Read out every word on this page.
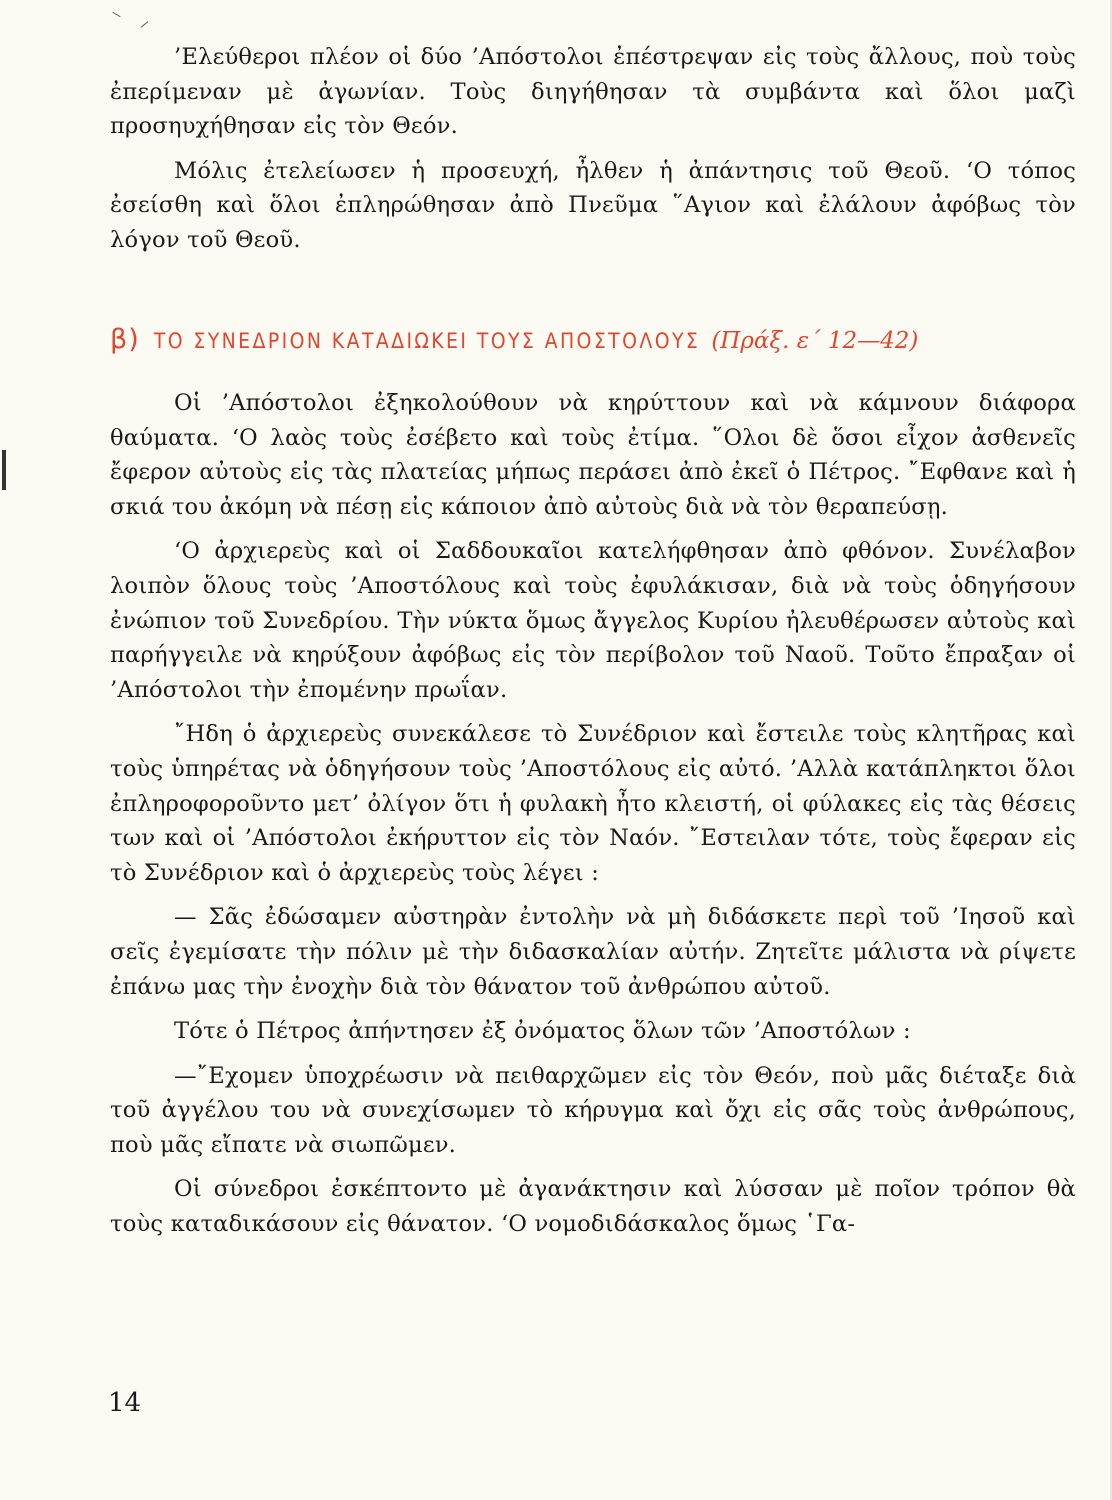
’Ελεύθεροι πλέον οἱ δύο ’Απόστολοι ἐπέστρεψαν εἰς τοὺς ἄλλους, ποὺ τοὺς ἐπερίμεναν μὲ ἀγωνίαν. Τοὺς διηγήθησαν τὰ συμβάντα καὶ ὅλοι μαζὶ προσηυχήθησαν εἰς τὸν Θεόν.

Μόλις ἐτελείωσεν ἡ προσευχή, ἦλθεν ἡ ἀπάντησις τοῦ Θεοῦ. ‘Ο τόπος ἐσείσθη καὶ ὅλοι ἐπληρώθησαν ἀπὸ Πνεῦμα ῞Αγιον καὶ ἐλάλουν ἀφόβως τὸν λόγον τοῦ Θεοῦ.

β) ΤΟ ΣΥΝΕΔΡΙΟΝ ΚΑΤΑΔΙΩΚΕΙ ΤΟΥΣ ΑΠΟΣΤΟΛΟΥΣ (Πράξ. ε΄ 12—42)

Οἱ ’Απόστολοι ἐξηκολούθουν νὰ κηρύττουν καὶ νὰ κάμνουν διάφορα θαύματα. ‘Ο λαὸς τοὺς ἐσέβετο καὶ τοὺς ἐτίμα. ῞Ολοι δὲ ὅσοι εἶχον ἀσθενεῖς ἔφερον αὐτοὺς εἰς τὰς πλατείας μήπως περάσει ἀπὸ ἐκεῖ ὁ Πέτρος. ῎Εφθανε καὶ ἡ σκιά του ἀκόμη νὰ πέσῃ εἰς κάποιον ἀπὸ αὐτοὺς διὰ νὰ τὸν θεραπεύσῃ.

‘Ο ἀρχιερεὺς καὶ οἱ Σαδδουκαῖοι κατελήφθησαν ἀπὸ φθόνον. Συνέλαβον λοιπὸν ὅλους τοὺς ’Αποστόλους καὶ τοὺς ἐφυλάκισαν, διὰ νὰ τοὺς ὁδηγήσουν ἐνώπιον τοῦ Συνεδρίου. Τὴν νύκτα ὅμως ἄγγελος Κυρίου ἠλευθέρωσεν αὐτοὺς καὶ παρήγγειλε νὰ κηρύξουν ἀφόβως εἰς τὸν περίβολον τοῦ Ναοῦ. Τοῦτο ἔπραξαν οἱ ’Απόστολοι τὴν ἐπομένην πρωΐαν.

῎Ηδη ὁ ἀρχιερεὺς συνεκάλεσε τὸ Συνέδριον καὶ ἔστειλε τοὺς κλητῆρας καὶ τοὺς ὑπηρέτας νὰ ὁδηγήσουν τοὺς ’Αποστόλους εἰς αὐτό. ’Αλλὰ κατάπληκτοι ὅλοι ἐπληροφοροῦντο μετ’ ὀλίγον ὅτι ἡ φυλακὴ ἦτο κλειστή, οἱ φύλακες εἰς τὰς θέσεις των καὶ οἱ ’Απόστολοι ἐκήρυττον εἰς τὸν Ναόν. ῎Εστειλαν τότε, τοὺς ἔφεραν εἰς τὸ Συνέδριον καὶ ὁ ἀρχιερεὺς τοὺς λέγει :

— Σᾶς ἐδώσαμεν αὐστηρὰν ἐντολὴν νὰ μὴ διδάσκετε περὶ τοῦ ’Ιησοῦ καὶ σεῖς ἐγεμίσατε τὴν πόλιν μὲ τὴν διδασκαλίαν αὐτήν. Ζητεῖτε μάλιστα νὰ ρίψετε ἐπάνω μας τὴν ἐνοχὴν διὰ τὸν θάνατον τοῦ ἀνθρώπου αὐτοῦ.

Τότε ὁ Πέτρος ἀπήντησεν ἐξ ὀνόματος ὅλων τῶν ’Αποστόλων :

—῎Εχομεν ὑποχρέωσιν νὰ πειθαρχῶμεν εἰς τὸν Θεόν, ποὺ μᾶς διέταξε διὰ τοῦ ἀγγέλου του νὰ συνεχίσωμεν τὸ κήρυγμα καὶ ὄχι εἰς σᾶς τοὺς ἀνθρώπους, ποὺ μᾶς εἴπατε νὰ σιωπῶμεν.

Οἱ σύνεδροι ἐσκέπτοντο μὲ ἀγανάκτησιν καὶ λύσσαν μὲ ποῖον τρόπον θὰ τοὺς καταδικάσουν εἰς θάνατον. ‘Ο νομοδιδάσκαλος ὅμως ῾Γα-

14
